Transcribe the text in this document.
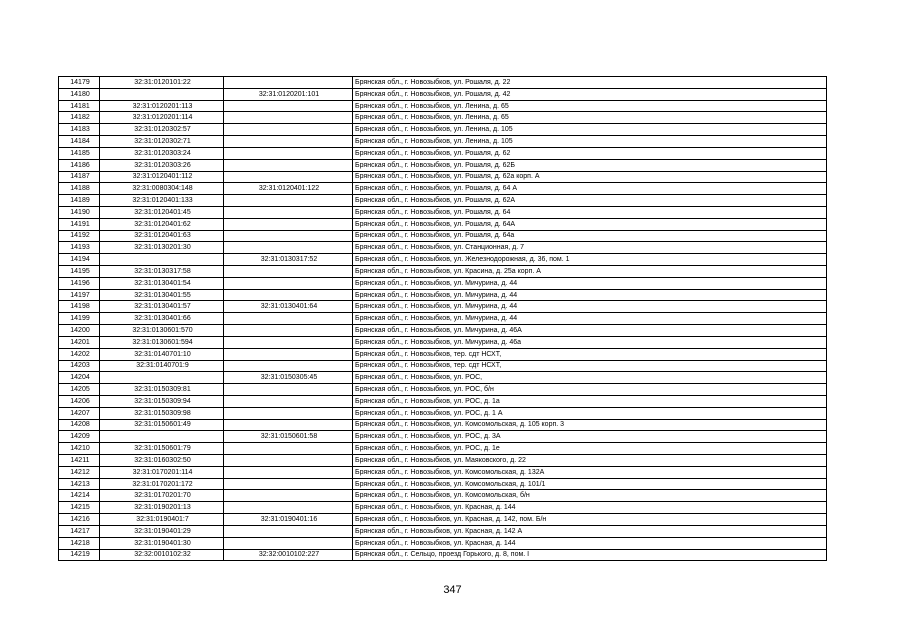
14179	32:31:0120101:22		Брянская обл., г. Новозыбков, ул. Рошаля, д. 22
14180		32:31:0120201:101	Брянская обл., г. Новозыбков, ул. Рошаля, д. 42
14181	32:31:0120201:113		Брянская обл., г. Новозыбков, ул. Ленина, д. 65
14182	32:31:0120201:114		Брянская обл., г. Новозыбков, ул. Ленина, д. 65
14183	32:31:0120302:57		Брянская обл., г. Новозыбков, ул. Ленина, д. 105
14184	32:31:0120302:71		Брянская обл., г. Новозыбков, ул. Ленина, д. 105
14185	32:31:0120303:24		Брянская обл., г. Новозыбков, ул. Рошаля, д. 62
14186	32:31:0120303:26		Брянская обл., г. Новозыбков, ул. Рошаля, д. 62Б
14187	32:31:0120401:112		Брянская обл., г. Новозыбков, ул. Рошаля, д. 62а корп. А
14188	32:31:0080304:148	32:31:0120401:122	Брянская обл., г. Новозыбков, ул. Рошаля, д. 64 А
14189	32:31:0120401:133		Брянская обл., г. Новозыбков, ул. Рошаля, д. 62А
14190	32:31:0120401:45		Брянская обл., г. Новозыбков, ул. Рошаля, д. 64
14191	32:31:0120401:62		Брянская обл., г. Новозыбков, ул. Рошаля, д. 64А
14192	32:31:0120401:63		Брянская обл., г. Новозыбков, ул. Рошаля, д. 64а
14193	32:31:0130201:30		Брянская обл., г. Новозыбков, ул. Станционная, д. 7
14194		32:31:0130317:52	Брянская обл., г. Новозыбков, ул. Железнодорожная, д. 36, пом. 1
14195	32:31:0130317:58		Брянская обл., г. Новозыбков, ул. Красина, д. 25а корп. А
14196	32:31:0130401:54		Брянская обл., г. Новозыбков, ул. Мичурина, д. 44
14197	32:31:0130401:55		Брянская обл., г. Новозыбков, ул. Мичурина, д. 44
14198	32:31:0130401:57	32:31:0130401:64	Брянская обл., г. Новозыбков, ул. Мичурина, д. 44
14199	32:31:0130401:66		Брянская обл., г. Новозыбков, ул. Мичурина, д. 44
14200	32:31:0130601:570		Брянская обл., г. Новозыбков, ул. Мичурина, д. 46А
14201	32:31:0130601:594		Брянская обл., г. Новозыбков, ул. Мичурина, д. 46а
14202	32:31:0140701:10		Брянская обл., г. Новозыбков, тер. сдт НСХТ,
14203	32:31:0140701:9		Брянская обл., г. Новозыбков, тер. сдт НСХТ,
14204		32:31:0150305:45	Брянская обл., г. Новозыбков, ул. РОС,
14205	32:31:0150309:81		Брянская обл., г. Новозыбков, ул. РОС, б/н
14206	32:31:0150309:94		Брянская обл., г. Новозыбков, ул. РОС, д. 1а
14207	32:31:0150309:98		Брянская обл., г. Новозыбков, ул. РОС, д. 1 А
14208	32:31:0150601:49		Брянская обл., г. Новозыбков, ул. Комсомольская, д. 105 корп. 3
14209		32:31:0150601:58	Брянская обл., г. Новозыбков, ул. РОС, д. 3А
14210	32:31:0150601:79		Брянская обл., г. Новозыбков, ул. РОС, д. 1е
14211	32:31:0160302:50		Брянская обл., г. Новозыбков, ул. Маяковского, д. 22
14212	32:31:0170201:114		Брянская обл., г. Новозыбков, ул. Комсомольская, д. 132А
14213	32:31:0170201:172		Брянская обл., г. Новозыбков, ул. Комсомольская, д. 101/1
14214	32:31:0170201:70		Брянская обл., г. Новозыбков, ул. Комсомольская, б/н
14215	32:31:0190201:13		Брянская обл., г. Новозыбков, ул. Красная, д. 144
14216	32:31:0190401:7	32:31:0190401:16	Брянская обл., г. Новозыбков, ул. Красная, д. 142, пом. Б/н
14217	32:31:0190401:29		Брянская обл., г. Новозыбков, ул. Красная, д. 142 А
14218	32:31:0190401:30		Брянская обл., г. Новозыбков, ул. Красная, д. 144
14219	32:32:0010102:32	32:32:0010102:227	Брянская обл., г. Сельцо, проезд Горького, д. 8, пом. I
347
